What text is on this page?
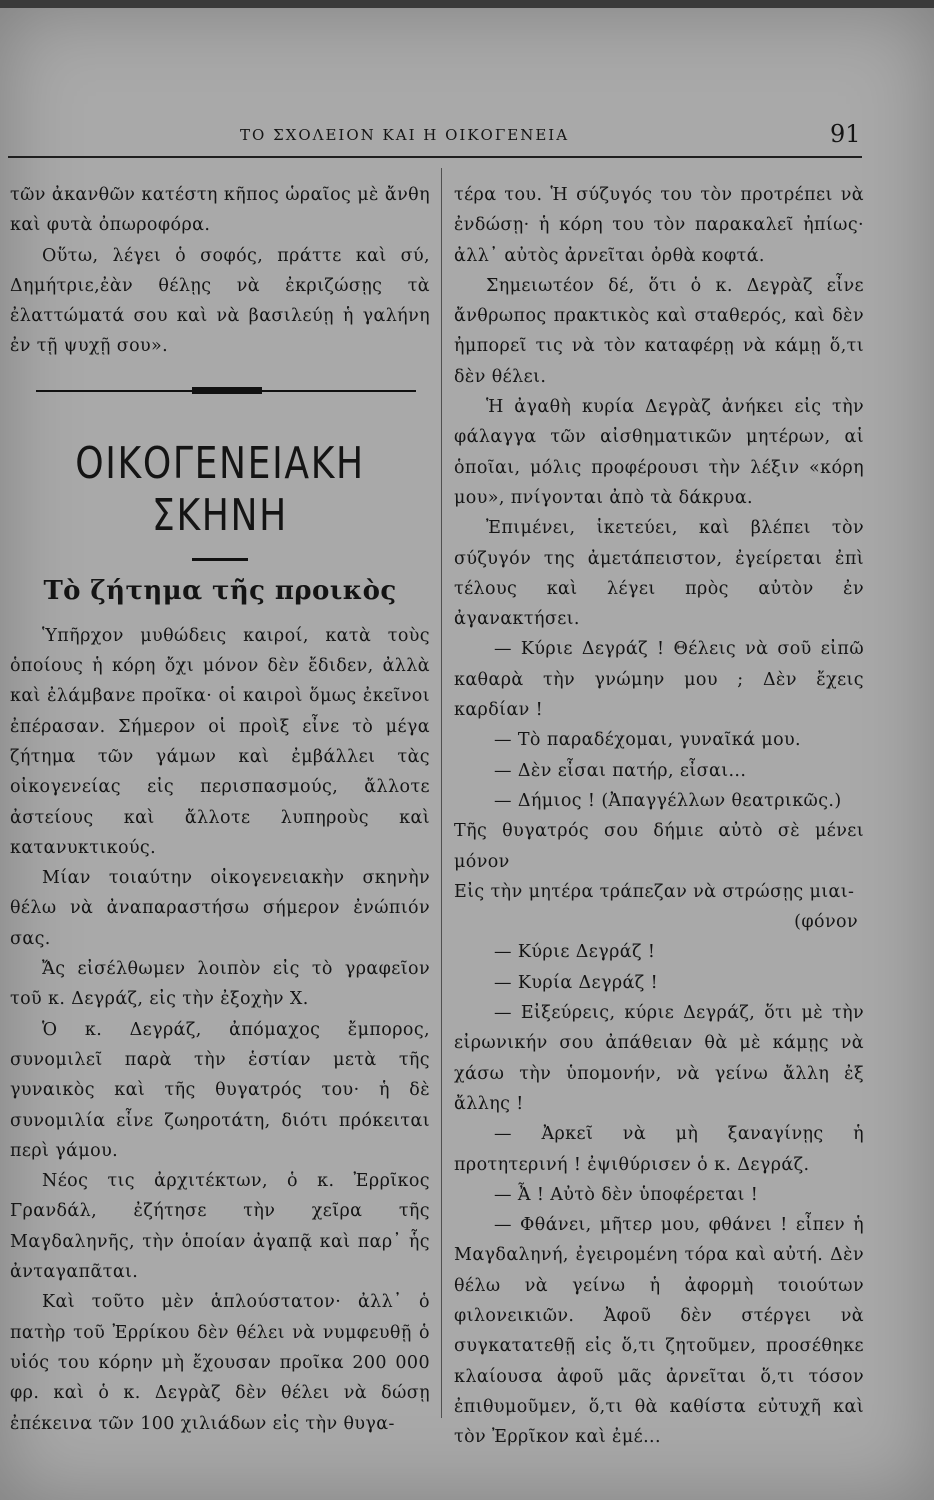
ΤΟ ΣΧΟΛΕΙΟΝ ΚΑΙ Η ΟΙΚΟΓΕΝΕΙΑ	91

τῶν ἀκανθῶν κατέστη κῆπος ὡραῖος μὲ ἄνθη καὶ φυτὰ ὀπωροφόρα.

Οὕτω, λέγει ὁ σοφός, πράττε καὶ σύ, Δημήτριε,ἐὰν θέλῃς νὰ ἐκριζώσῃς τὰ ἐλαττώματά σου καὶ νὰ βασιλεύῃ ἡ γαλήνη ἐν τῇ ψυχῇ σου».

ΟΙΚΟΓΕΝΕΙΑΚΗ ΣΚΗΝΗ
Τὸ ζήτημα τῆς προικὸς

Ὑπῆρχον μυθώδεις καιροί, κατὰ τοὺς ὁποίους ἡ κόρη ὄχι μόνον δὲν ἔδιδεν, ἀλλὰ καὶ ἐλάμβανε προῖκα· οἱ καιροὶ ὅμως ἐκεῖνοι ἐπέρασαν. Σήμερον οἱ προὶξ εἶνε τὸ μέγα ζήτημα τῶν γάμων καὶ ἐμβάλλει τὰς οἰκογενείας εἰς περισπασμούς, ἄλλοτε ἀστείους καὶ ἄλλοτε λυπηροὺς καὶ κατανυκτικούς.

Μίαν τοιαύτην οἰκογενειακὴν σκηνὴν θέλω νὰ ἀναπαραστήσω σήμερον ἐνώπιόν σας.

Ἄς εἰσέλθωμεν λοιπὸν εἰς τὸ γραφεῖον τοῦ κ. Δεγράζ, εἰς τὴν ἐξοχὴν Χ.

Ὁ κ. Δεγράζ, ἀπόμαχος ἔμπορος, συνομιλεῖ παρὰ τὴν ἑστίαν μετὰ τῆς γυναικὸς καὶ τῆς θυγατρός του· ἡ δὲ συνομιλία εἶνε ζωηροτάτη, διότι πρόκειται περὶ γάμου.

Νέος τις ἀρχιτέκτων, ὁ κ. Ἐρρῖκος Γρανδάλ, ἐζήτησε τὴν χεῖρα τῆς Μαγδαληνῆς, τὴν ὁποίαν ἀγαπᾷ καὶ παρ᾽ ἧς ἀνταγαπᾶται.

Καὶ τοῦτο μὲν ἁπλούστατον· ἀλλ᾽ ὁ πατὴρ τοῦ Ἐρρίκου δὲν θέλει νὰ νυμφευθῇ ὁ υἱός του κόρην μὴ ἔχουσαν προῖκα 200 000 φρ. καὶ ὁ κ. Δεγρὰζ δὲν θέλει νὰ δώσῃ ἐπέκεινα τῶν 100 χιλιάδων εἰς τὴν θυγα-

τέρα του. Ἡ σύζυγός του τὸν προτρέπει νὰ ἐνδώσῃ· ἡ κόρη του τὸν παρακαλεῖ ἠπίως· ἀλλ᾽ αὐτὸς ἀρνεῖται ὀρθὰ κοφτά.

Σημειωτέον δέ, ὅτι ὁ κ. Δεγρὰζ εἶνε ἄνθρωπος πρακτικὸς καὶ σταθερός, καὶ δὲν ἠμπορεῖ τις νὰ τὸν καταφέρῃ νὰ κάμῃ ὅ,τι δὲν θέλει.

Ἡ ἀγαθὴ κυρία Δεγρὰζ ἀνήκει εἰς τὴν φάλαγγα τῶν αἰσθηματικῶν μητέρων, αἱ ὁποῖαι, μόλις προφέρουσι τὴν λέξιν «κόρη μου», πνίγονται ἀπὸ τὰ δάκρυα.

Ἐπιμένει, ἱκετεύει, καὶ βλέπει τὸν σύζυγόν της ἀμετάπειστον, ἐγείρεται ἐπὶ τέλους καὶ λέγει πρὸς αὐτὸν ἐν ἀγανακτήσει.

— Κύριε Δεγράζ ! Θέλεις νὰ σοῦ εἰπῶ καθαρὰ τὴν γνώμην μου ; Δὲν ἔχεις καρδίαν !

— Τὸ παραδέχομαι, γυναῖκά μου.

— Δὲν εἶσαι πατήρ, εἶσαι...

— Δήμιος ! (Ἀπαγγέλλων θεατρικῶς.)

Τῆς θυγατρός σου δήμιε αὐτὸ σὲ μένει μόνον

Εἰς τὴν μητέρα τράπεζαν νὰ στρώσῃς μιαι-

(φόνον

— Κύριε Δεγράζ !

— Κυρία Δεγράζ !

— Εἰξεύρεις, κύριε Δεγράζ, ὅτι μὲ τὴν εἰρωνικήν σου ἀπάθειαν θὰ μὲ κάμῃς νὰ χάσω τὴν ὑπομονήν, νὰ γείνω ἄλλη ἐξ ἄλλης !

— Ἀρκεῖ νὰ μὴ ξαναγίνῃς ἡ προτητερινή ! ἐψιθύρισεν ὁ κ. Δεγράζ.

— Ἆ ! Αὐτὸ δὲν ὑποφέρεται !

— Φθάνει, μῆτερ μου, φθάνει ! εἶπεν ἡ Μαγδαληνή, ἐγειρομένη τόρα καὶ αὐτή. Δὲν θέλω νὰ γείνω ἡ ἀφορμὴ τοιούτων φιλονεικιῶν. Ἀφοῦ δὲν στέργει νὰ συγκατατεθῇ εἰς ὅ,τι ζητοῦμεν, προσέθηκε κλαίουσα ἀφοῦ μᾶς ἀρνεῖται ὅ,τι τόσον ἐπιθυμοῦμεν, ὅ,τι θὰ καθίστα εὐτυχῆ καὶ τὸν Ἐρρῖκον καὶ ἐμέ...
